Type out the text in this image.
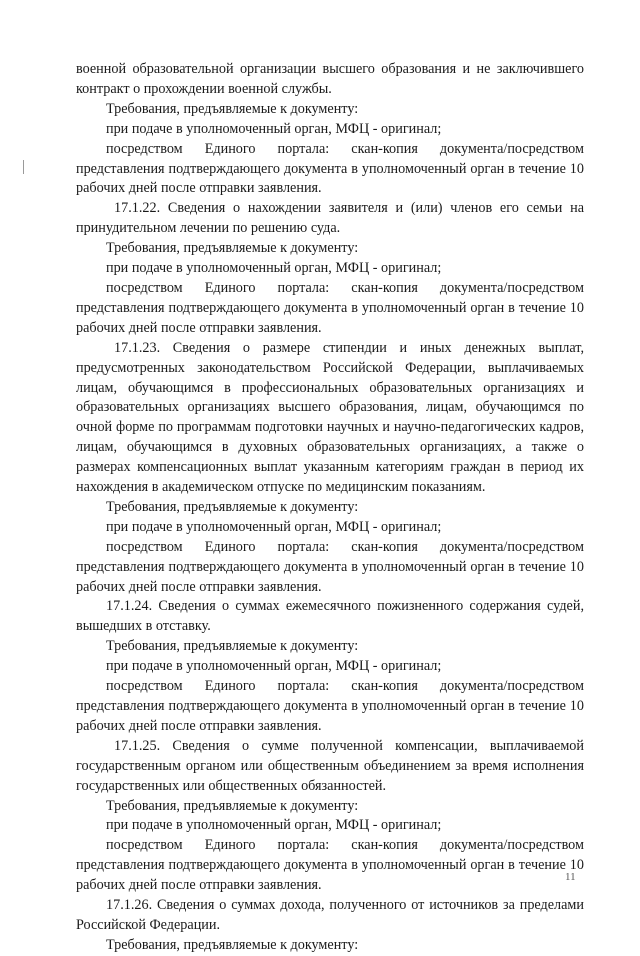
военной образовательной организации высшего образования и не заключившего контракт о прохождении военной службы.

Требования, предъявляемые к документу:

при подаче в уполномоченный орган, МФЦ - оригинал;

посредством Единого портала: скан-копия документа/посредством представления подтверждающего документа в уполномоченный орган в течение 10 рабочих дней после отправки заявления.

17.1.22. Сведения о нахождении заявителя и (или) членов его семьи на принудительном лечении по решению суда.

Требования, предъявляемые к документу:

при подаче в уполномоченный орган, МФЦ - оригинал;

посредством Единого портала: скан-копия документа/посредством представления подтверждающего документа в уполномоченный орган в течение 10 рабочих дней после отправки заявления.

17.1.23. Сведения о размере стипендии и иных денежных выплат, предусмотренных законодательством Российской Федерации, выплачиваемых лицам, обучающимся в профессиональных образовательных организациях и образовательных организациях высшего образования, лицам, обучающимся по очной форме по программам подготовки научных и научно-педагогических кадров, лицам, обучающимся в духовных образовательных организациях, а также о размерах компенсационных выплат указанным категориям граждан в период их нахождения в академическом отпуске по медицинским показаниям.

Требования, предъявляемые к документу:

при подаче в уполномоченный орган, МФЦ - оригинал;

посредством Единого портала: скан-копия документа/посредством представления подтверждающего документа в уполномоченный орган в течение 10 рабочих дней после отправки заявления.

17.1.24. Сведения о суммах ежемесячного пожизненного содержания судей, вышедших в отставку.

Требования, предъявляемые к документу:

при подаче в уполномоченный орган, МФЦ - оригинал;

посредством Единого портала: скан-копия документа/посредством представления подтверждающего документа в уполномоченный орган в течение 10 рабочих дней после отправки заявления.

17.1.25. Сведения о сумме полученной компенсации, выплачиваемой государственным органом или общественным объединением за время исполнения государственных или общественных обязанностей.

Требования, предъявляемые к документу:

при подаче в уполномоченный орган, МФЦ - оригинал;

посредством Единого портала: скан-копия документа/посредством представления подтверждающего документа в уполномоченный орган в течение 10 рабочих дней после отправки заявления.

17.1.26. Сведения о суммах дохода, полученного от источников за пределами Российской Федерации.

Требования, предъявляемые к документу:

11
